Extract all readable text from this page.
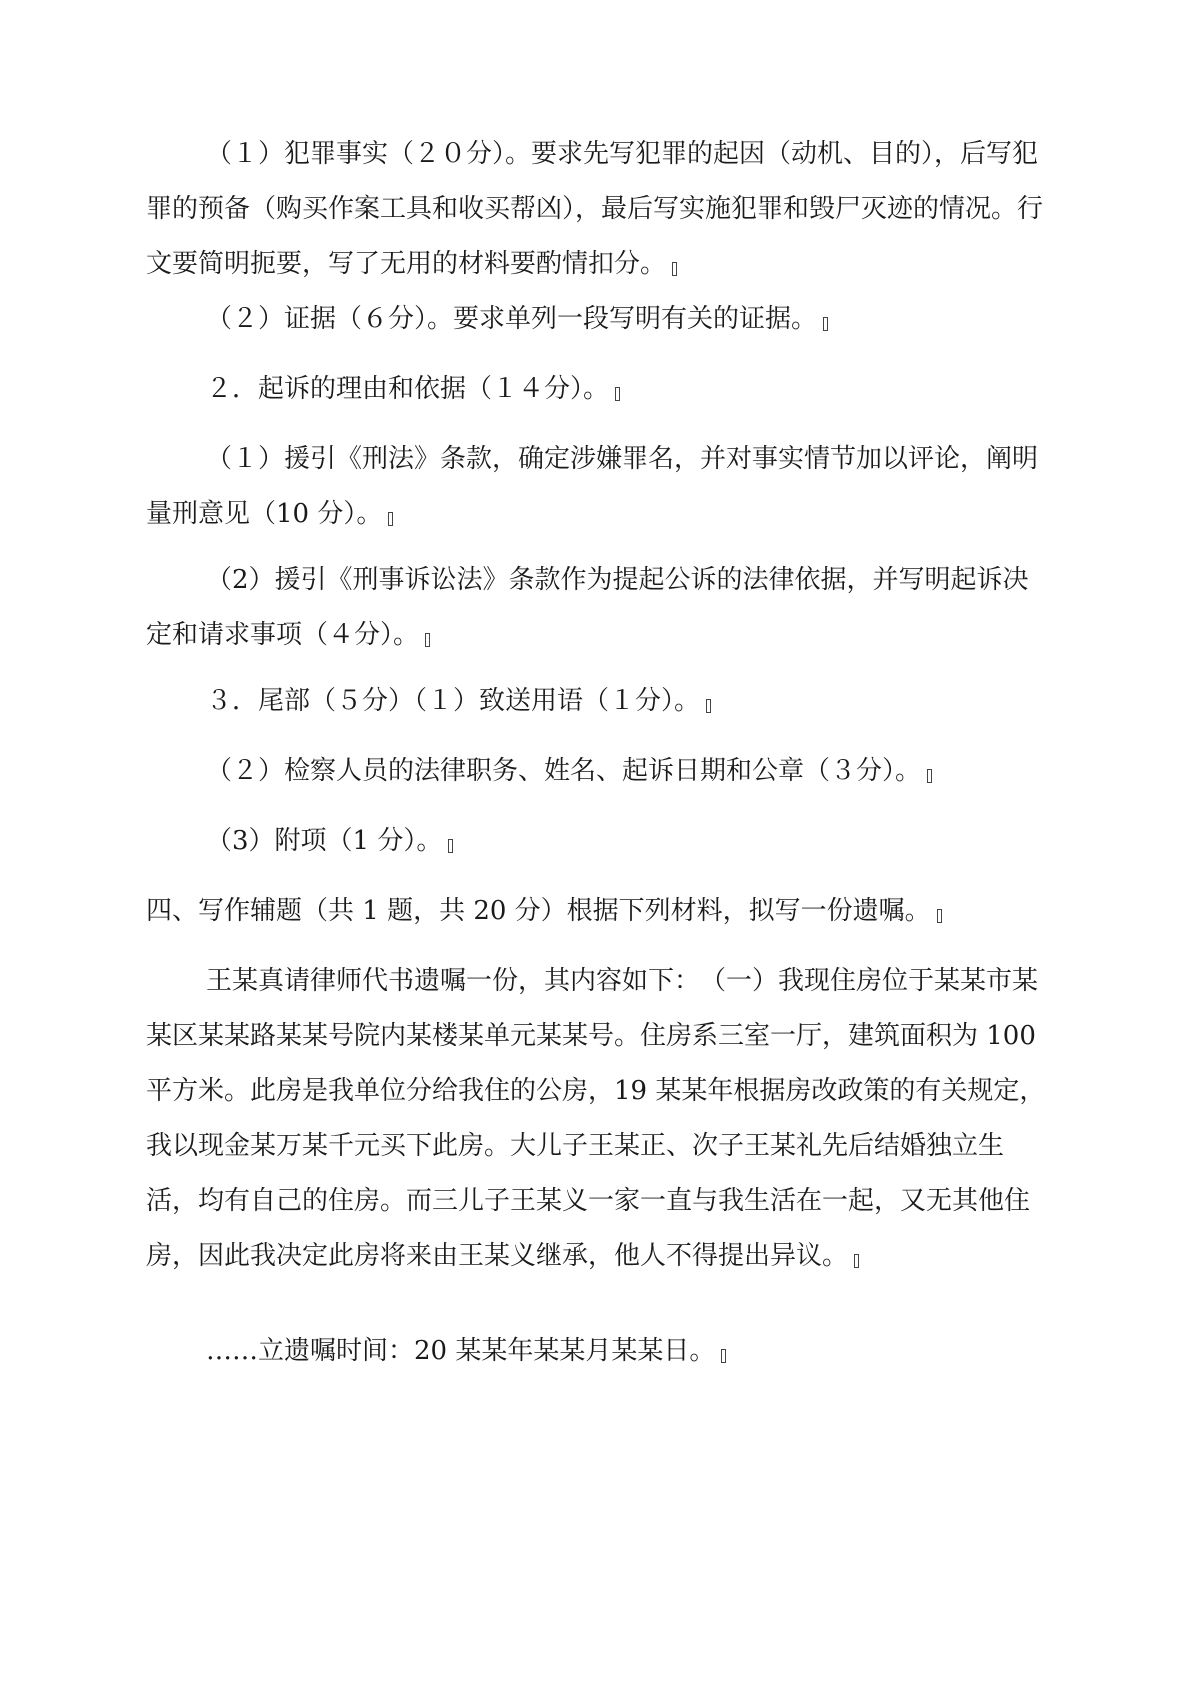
（１）犯罪事实（２０分）。要求先写犯罪的起因（动机、目的），后写犯罪的预备（购买作案工具和收买帮凶），最后写实施犯罪和毁尸灭迹的情况。行文要简明扼要，写了无用的材料要酌情扣分。

（２）证据（６分）。要求单列一段写明有关的证据。

２．起诉的理由和依据（１４分）。

（１）援引《刑法》条款，确定涉嫌罪名，并对事实情节加以评论，阐明量刑意见（10 分）。

（2）援引《刑事诉讼法》条款作为提起公诉的法律依据，并写明起诉决定和请求事项（４分）。

３．尾部（５分）（１）致送用语（１分）。

（２）检察人员的法律职务、姓名、起诉日期和公章（３分）。

（3）附项（1 分）。

四、写作辅题（共 1 题，共 20 分）根据下列材料，拟写一份遗嘱。

王某真请律师代书遗嘱一份，其内容如下：　（一）我现住房位于某某市某某区某某路某某号院内某楼某单元某某号。住房系三室一厅，建筑面积为 100 平方米。此房是我单位分给我住的公房，19 某某年根据房改政策的有关规定，我以现金某万某千元买下此房。大儿子王某正、次子王某礼先后结婚独立生活，均有自己的住房。而三儿子王某义一家一直与我生活在一起，又无其他住房，因此我决定此房将来由王某义继承，他人不得提出异议。

……立遗嘱时间：20 某某年某某月某某日。
